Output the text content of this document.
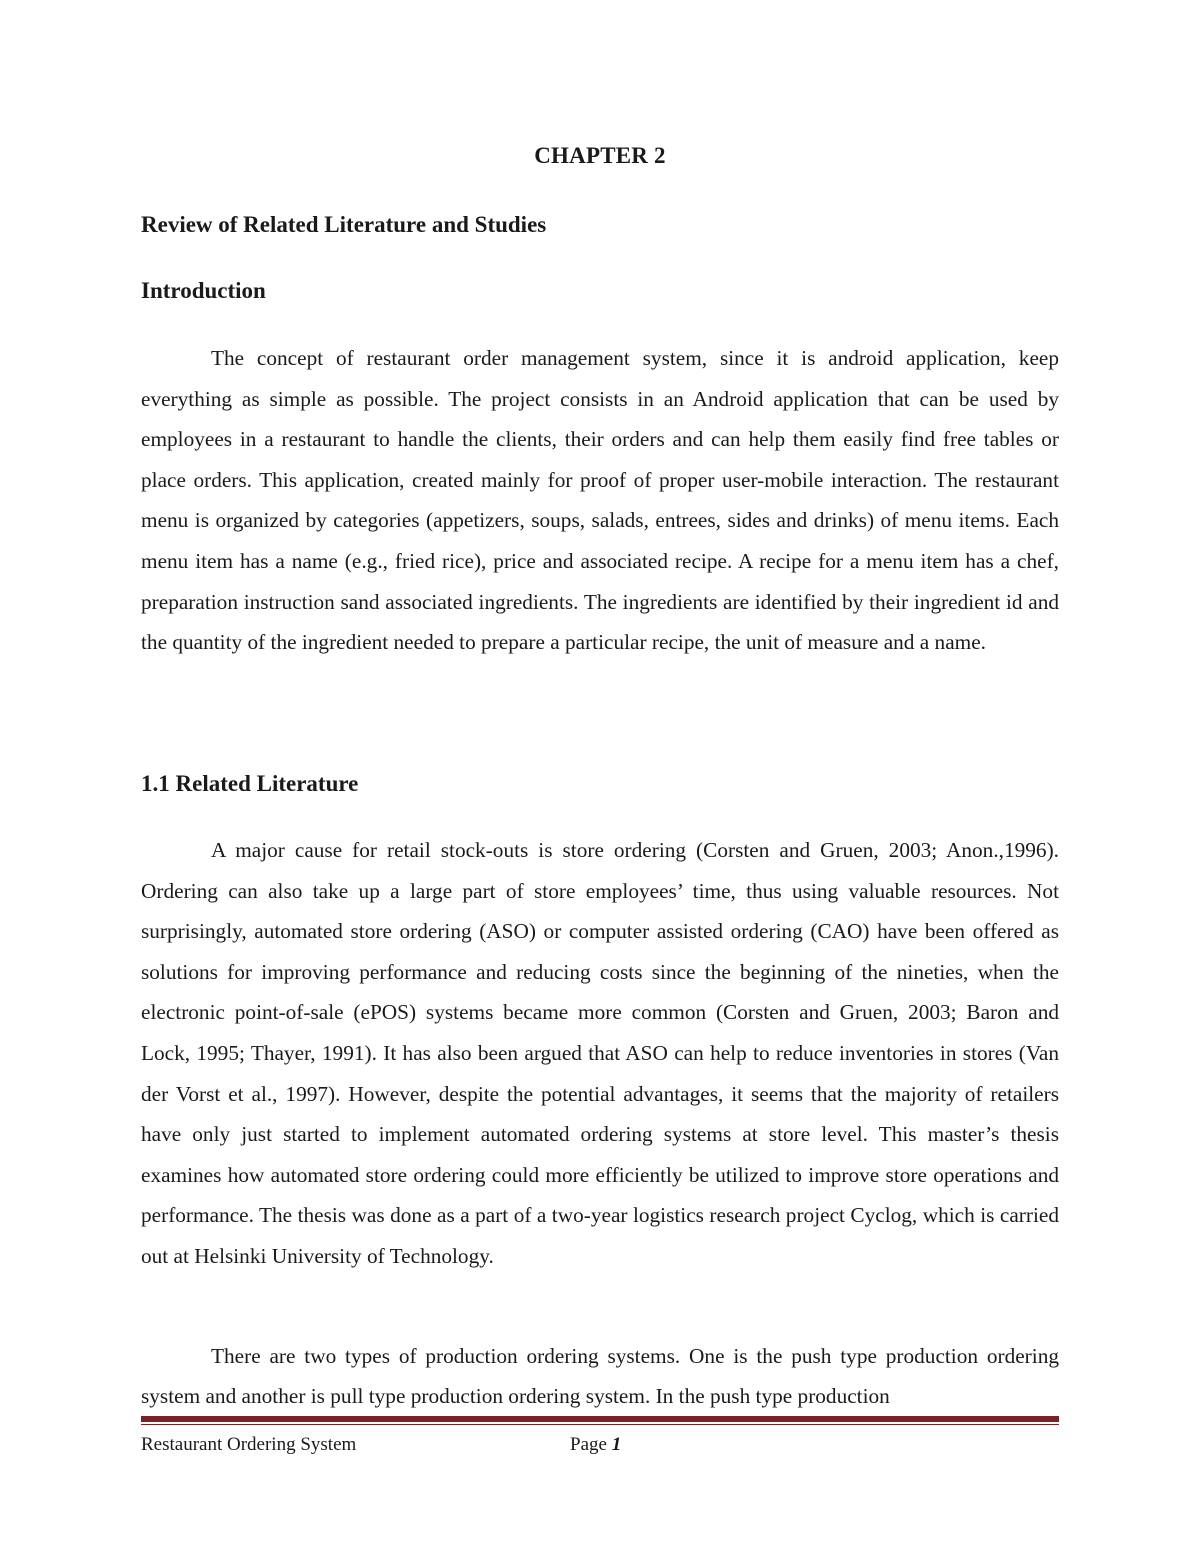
CHAPTER 2
Review of Related Literature and Studies
Introduction

The concept of restaurant order management system, since it is android application, keep everything as simple as possible. The project consists in an Android application that can be used by employees in a restaurant to handle the clients, their orders and can help them easily find free tables or place orders. This application, created mainly for proof of proper user-mobile interaction. The restaurant menu is organized by categories (appetizers, soups, salads, entrees, sides and drinks) of menu items. Each menu item has a name (e.g., fried rice), price and associated recipe. A recipe for a menu item has a chef, preparation instruction sand associated ingredients. The ingredients are identified by their ingredient id and the quantity of the ingredient needed to prepare a particular recipe, the unit of measure and a name.

1.1 Related Literature

A major cause for retail stock-outs is store ordering (Corsten and Gruen, 2003; Anon.,1996). Ordering can also take up a large part of store employees’ time, thus using valuable resources. Not surprisingly, automated store ordering (ASO) or computer assisted ordering (CAO) have been offered as solutions for improving performance and reducing costs since the beginning of the nineties, when the electronic point-of-sale (ePOS) systems became more common (Corsten and Gruen, 2003; Baron and Lock, 1995; Thayer, 1991). It has also been argued that ASO can help to reduce inventories in stores (Van der Vorst et al., 1997). However, despite the potential advantages, it seems that the majority of retailers have only just started to implement automated ordering systems at store level. This master’s thesis examines how automated store ordering could more efficiently be utilized to improve store operations and performance. The thesis was done as a part of a two-year logistics research project Cyclog, which is carried out at Helsinki University of Technology.

There are two types of production ordering systems. One is the push type production ordering system and another is pull type production ordering system. In the push type production

Restaurant Ordering System	Page 1
